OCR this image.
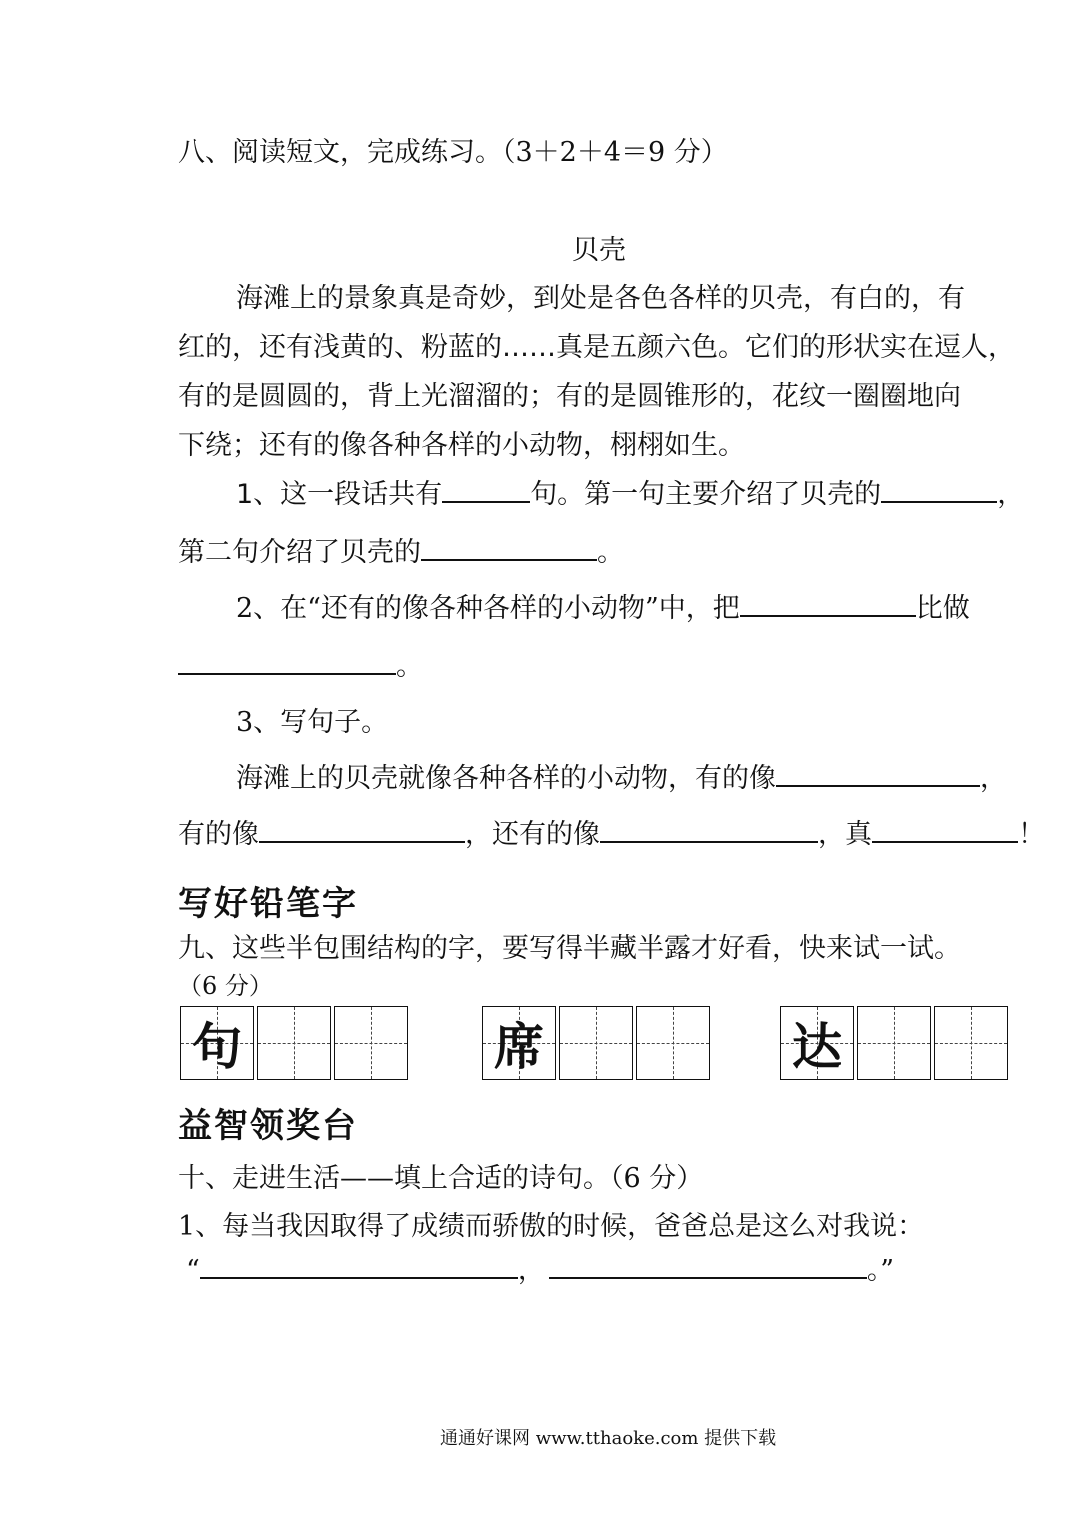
八、阅读短文，完成练习。（3＋2＋4＝9 分）
贝壳
海滩上的景象真是奇妙，到处是各色各样的贝壳，有白的，有
红的，还有浅黄的、粉蓝的……真是五颜六色。它们的形状实在逗人，
有的是圆圆的，背上光溜溜的；有的是圆锥形的，花纹一圈圈地向
下绕；还有的像各种各样的小动物，栩栩如生。
1、这一段话共有	句。第一句主要介绍了贝壳的	，
第二句介绍了贝壳的	。
2、在“还有的像各种各样的小动物”中，把	比做
。
3、写句子。
海滩上的贝壳就像各种各样的小动物，有的像	，
有的像	，还有的像	，真	！
写好铅笔字
九、这些半包围结构的字，要写得半藏半露才好看，快来试一试。
（6 分）
句	席	达
益智领奖台
十、走进生活——填上合适的诗句。（6 分）
1、每当我因取得了成绩而骄傲的时候，爸爸总是这么对我说：
“	，	。”
通通好课网 www.tthaoke.com 提供下载
